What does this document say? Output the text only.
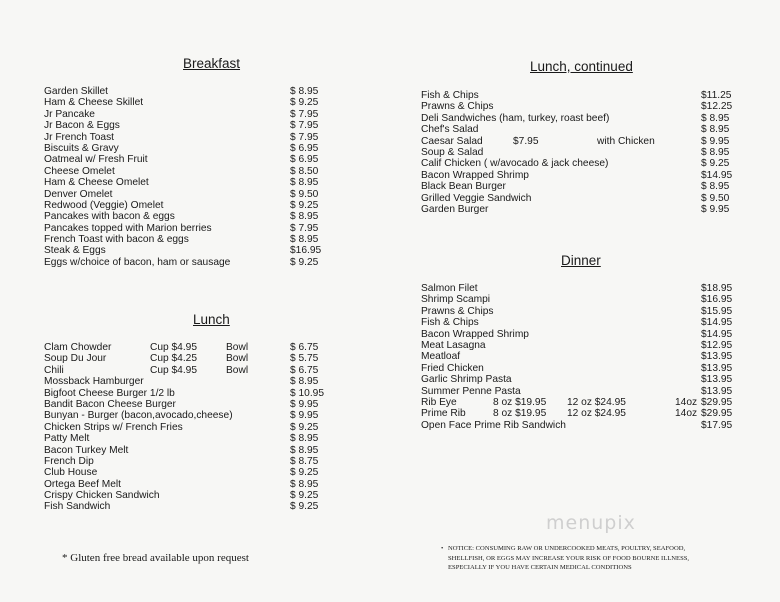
Breakfast
Garden Skillet	$ 8.95
Ham & Cheese Skillet	$ 9.25
Jr Pancake	$ 7.95
Jr Bacon & Eggs	$ 7.95
Jr French Toast	$ 7.95
Biscuits & Gravy	$ 6.95
Oatmeal w/ Fresh Fruit	$ 6.95
Cheese Omelet	$ 8.50
Ham & Cheese Omelet	$ 8.95
Denver Omelet	$ 9.50
Redwood (Veggie) Omelet	$ 9.25
Pancakes with bacon & eggs	$ 8.95
Pancakes topped with Marion berries	$ 7.95
French Toast with bacon & eggs	$ 8.95
Steak & Eggs	$16.95
Eggs w/choice of bacon, ham or sausage	$ 9.25
Lunch
Clam Chowder	Cup $4.95	Bowl	$ 6.75
Soup Du Jour	Cup $4.25	Bowl	$ 5.75
Chili	Cup $4.95	Bowl	$ 6.75
Mossback Hamburger	$ 8.95
Bigfoot Cheese Burger 1/2 lb	$ 10.95
Bandit Bacon Cheese Burger	$ 9.95
Bunyan - Burger (bacon,avocado,cheese)	$ 9.95
Chicken Strips w/ French Fries	$ 9.25
Patty Melt	$ 8.95
Bacon Turkey Melt	$ 8.95
French Dip	$ 8.75
Club House	$ 9.25
Ortega Beef Melt	$ 8.95
Crispy Chicken Sandwich	$ 9.25
Fish Sandwich	$ 9.25
* Gluten free bread available upon request
Lunch, continued
Fish & Chips	$11.25
Prawns & Chips	$12.25
Deli Sandwiches (ham, turkey, roast beef)	$ 8.95
Chef's Salad	$ 8.95
Caesar Salad	$7.95	with Chicken	$ 9.95
Soup & Salad	$ 8.95
Calif Chicken ( w/avocado & jack cheese)	$ 9.25
Bacon Wrapped Shrimp	$14.95
Black Bean Burger	$ 8.95
Grilled Veggie Sandwich	$ 9.50
Garden Burger	$ 9.95
Dinner
Salmon Filet	$18.95
Shrimp Scampi	$16.95
Prawns & Chips	$15.95
Fish & Chips	$14.95
Bacon Wrapped Shrimp	$14.95
Meat Lasagna	$12.95
Meatloaf	$13.95
Fried Chicken	$13.95
Garlic Shrimp Pasta	$13.95
Summer Penne Pasta	$13.95
Rib Eye	8 oz $19.95 12 oz $24.95	14oz $29.95
Prime Rib	8 oz $19.95 12 oz $24.95	14oz $29.95
Open Face Prime Rib Sandwich	$17.95
menupix
• NOTICE: CONSUMING RAW OR UNDERCOOKED MEATS, POULTRY, SEAFOOD,
SHELLFISH, OR EGGS MAY INCREASE YOUR RISK OF FOOD BOURNE ILLNESS,
ESPECIALLY IF YOU HAVE CERTAIN MEDICAL CONDITIONS
